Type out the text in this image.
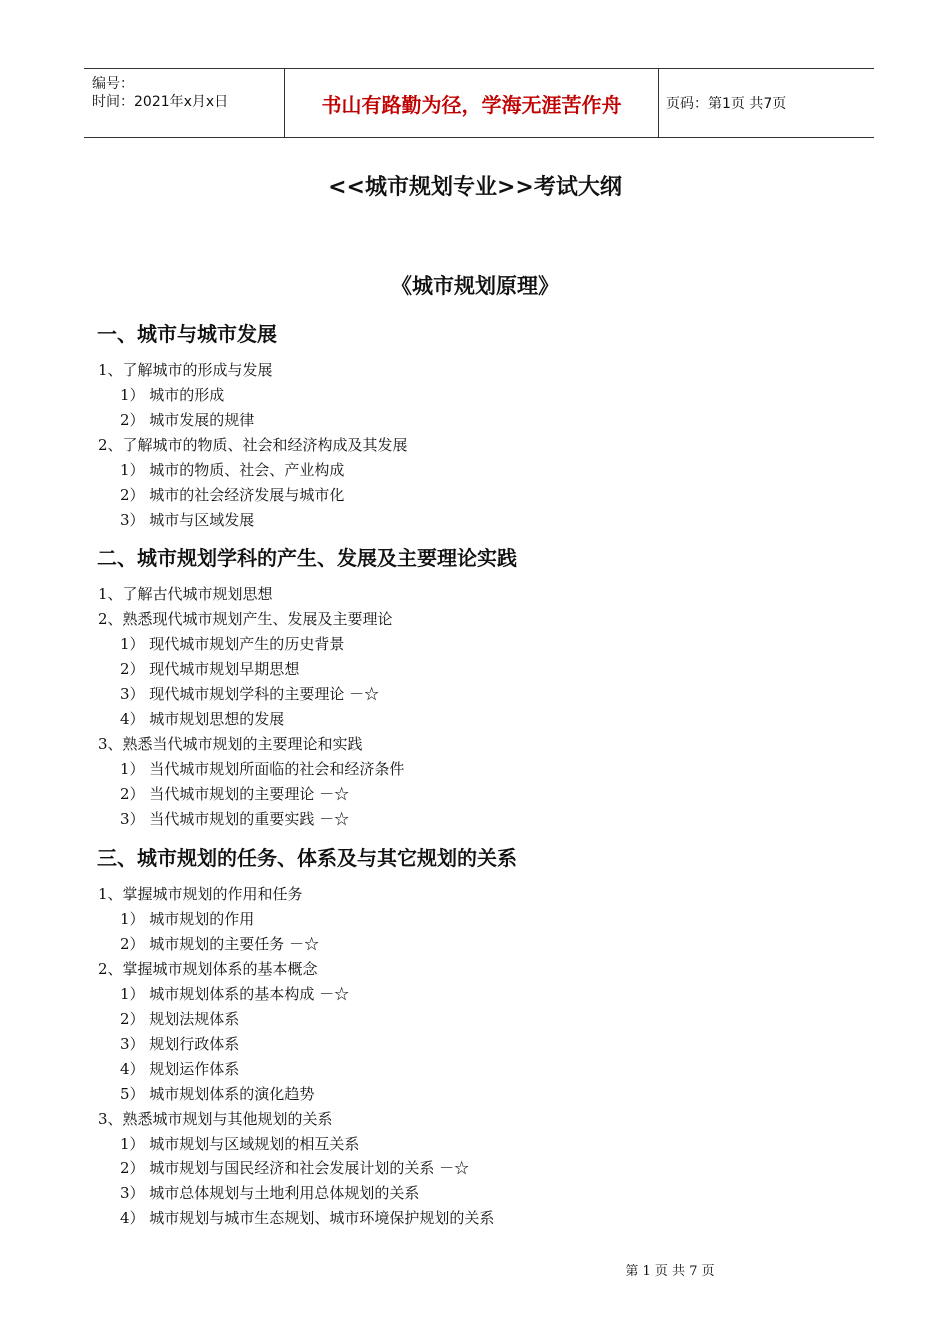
编号：
时间：2021年x月x日	书山有路勤为径，学海无涯苦作舟	页码：第1页 共7页
<<城市规划专业>>考试大纲
《城市规划原理》
一、城市与城市发展
1、了解城市的形成与发展
1） 城市的形成
2） 城市发展的规律
2、了解城市的物质、社会和经济构成及其发展
1） 城市的物质、社会、产业构成
2） 城市的社会经济发展与城市化
3） 城市与区域发展
二、城市规划学科的产生、发展及主要理论实践
1、了解古代城市规划思想
2、熟悉现代城市规划产生、发展及主要理论
1） 现代城市规划产生的历史背景
2） 现代城市规划早期思想
3） 现代城市规划学科的主要理论 －☆
4） 城市规划思想的发展
3、熟悉当代城市规划的主要理论和实践
1） 当代城市规划所面临的社会和经济条件
2） 当代城市规划的主要理论 －☆
3） 当代城市规划的重要实践 －☆
三、城市规划的任务、体系及与其它规划的关系
1、掌握城市规划的作用和任务
1） 城市规划的作用
2） 城市规划的主要任务 －☆
2、掌握城市规划体系的基本概念
1） 城市规划体系的基本构成 －☆
2） 规划法规体系
3） 规划行政体系
4） 规划运作体系
5） 城市规划体系的演化趋势
3、熟悉城市规划与其他规划的关系
1） 城市规划与区域规划的相互关系
2） 城市规划与国民经济和社会发展计划的关系 －☆
3） 城市总体规划与土地利用总体规划的关系
4） 城市规划与城市生态规划、城市环境保护规划的关系
第 1 页 共 7 页
